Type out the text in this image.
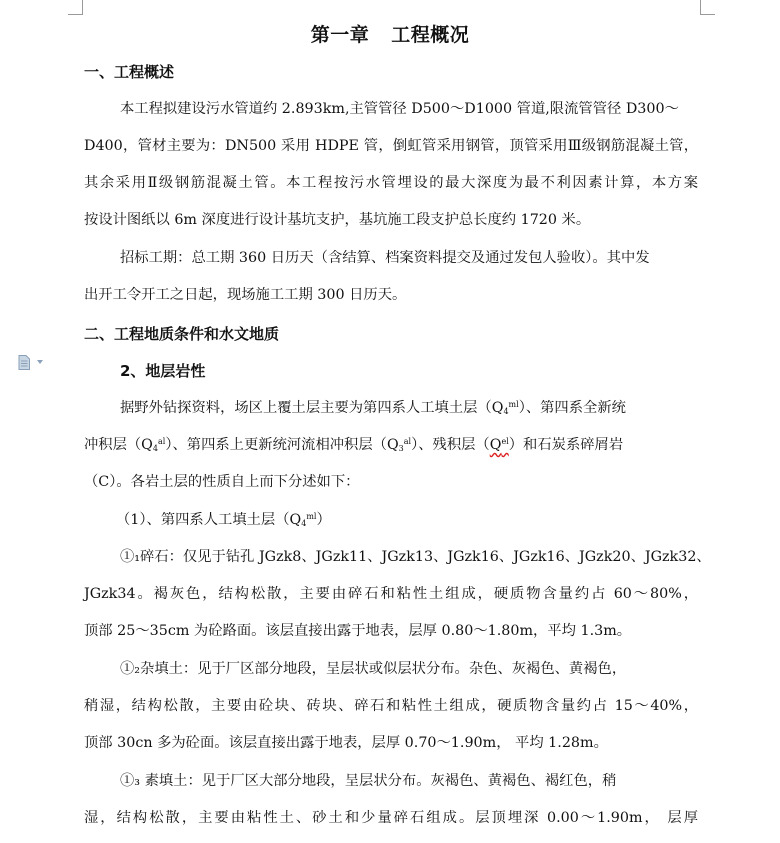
第一章 工程概况
一、工程概述
本工程拟建设污水管道约 2.893km,主管管径 D500～D1000 管道,限流管管径 D300～
D400，管材主要为：DN500 采用 HDPE 管，倒虹管采用钢管，顶管采用Ⅲ级钢筋混凝土管，
其余采用Ⅱ级钢筋混凝土管。本工程按污水管埋设的最大深度为最不利因素计算，本方案
按设计图纸以 6m 深度进行设计基坑支护，基坑施工段支护总长度约 1720 米。
招标工期：总工期 360 日历天（含结算、档案资料提交及通过发包人验收）。其中发
出开工令开工之日起，现场施工工期 300 日历天。
二、工程地质条件和水文地质
2、地层岩性
据野外钻探资料，场区上覆土层主要为第四系人工填土层$(Q_4^{ml})$、第四系全新统
冲积层$(Q_4^{al})$、第四系上更新统河流相冲积层$(Q_3^{al})$、残积层$(Q^{el})$和石炭系碎屑岩
（C）。各岩土层的性质自上而下分述如下：
（1）、第四系人工填土层$(Q_4^{ml})$
①₁碎石：仅见于钻孔 JGzk8、JGzk11、JGzk13、JGzk16、JGzk16、JGzk20、JGzk32、
JGzk34。褐灰色，结构松散，主要由碎石和粘性土组成，硬质物含量约占 60～80%，
顶部 25～35cm 为砼路面。该层直接出露于地表，层厚 0.80～1.80m，平均 1.3m。
①₂杂填土：见于厂区部分地段，呈层状或似层状分布。杂色、灰褐色、黄褐色，
稍湿，结构松散，主要由砼块、砖块、碎石和粘性土组成，硬质物含量约占 15～40%，
顶部 30cn 多为砼面。该层直接出露于地表，层厚 0.70～1.90m， 平均 1.28m。
①₃ 素填土：见于厂区大部分地段，呈层状分布。灰褐色、黄褐色、褐红色，稍
湿，结构松散，主要由粘性土、砂土和少量碎石组成。层顶埋深 0.00～1.90m， 层厚
